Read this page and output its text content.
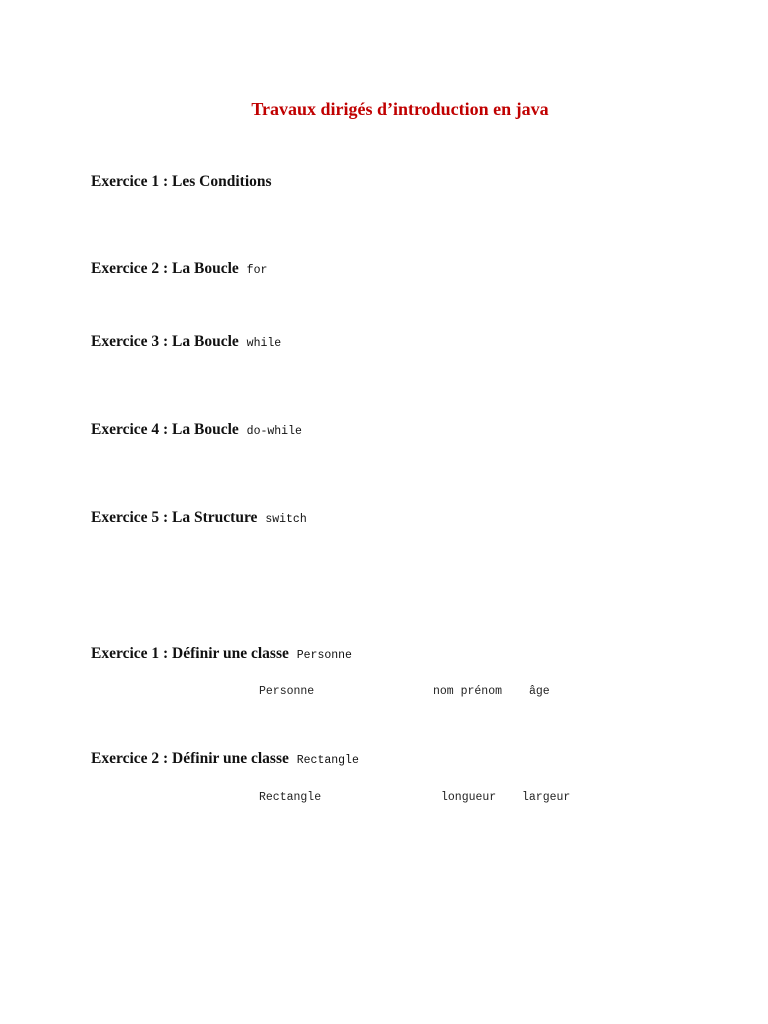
Travaux dirigés d’introduction en java
Exercice 1 : Les Conditions
Exercice 2 : La Boucle for
Exercice 3 : La Boucle while
Exercice 4 : La Boucle do-while
Exercice 5 : La Structure switch
Exercice 1 : Définir une classe Personne
Personne	nom prénom âge
Exercice 2 : Définir une classe Rectangle
Rectangle	longueur largeur
